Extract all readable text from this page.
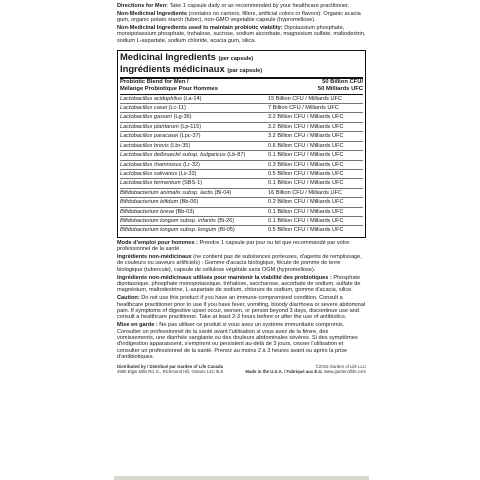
Directions for Men: Take 1 capsule daily or as recommended by your healthcare practitioner.

Non-Medicinal Ingredients (contains no carriers, fillers, artificial colors or flavors): Organic acacia gum, organic potato starch (tuber), non-GMO vegetable capsule (hypromellose).

Non-Medicinal Ingredients used to maintain probiotic viability: Dipotassium phosphate, monopotassium phosphate, trehalose, sucrose, sodium ascorbate, magnesium sulfate, maltodextrin, sodium L-aspartate, sodium chloride, acacia gum, silica.

Medicinal Ingredients (per capsule)
Ingrédients médicinaux (par capsule)
Probiotic Blend for Men /	50 Billion CFU/
Mélange Probiotique Pour Hommes	50 Milliards UFC
Lactobacillus acidophilus (La-14)	15 Billion CFU / Milliards UFC
Lactobacillus casei (Lc-11)	7 Billion CFU / Milliards UFC
Lactobacillus gasseri (Lg-36)	3.2 Billion CFU / Milliards UFC
Lactobacillus plantarum (Lp-115)	3.2 Billion CFU / Milliards UFC
Lactobacillus paracasei (Lpc-37)	3.2 Billion CFU / Milliards UFC
Lactobacillus brevis (Lbr-35)	0.6 Billion CFU / Milliards UFC
Lactobacillus delbrueckii subsp. bulgaricus (Lb-87)	0.1 Billion CFU / Milliards UFC
Lactobacillus rhamnosus (Lr-32)	0.3 Billion CFU / Milliards UFC
Lactobacillus salivarius (Ls-33)	0.5 Billion CFU / Milliards UFC
Lactobacillus fermentum (SBS-1)	0.1 Billion CFU / Milliards UFC
Bifidobacterium animalis subsp. lactis (Bl-04)	16 Billion CFU / Milliards UFC
Bifidobacterium bifidum (Bb-06)	0.2 Billion CFU / Milliards UFC
Bifidobacterium breve (Bb-03)	0.1 Billion CFU / Milliards UFC
Bifidobacterium longum subsp. infantis (Bi-26)	0.1 Billion CFU / Milliards UFC
Bifidobacterium longum subsp. longum (Bl-05)	0.5 Billion CFU / Milliards UFC

Mode d'emploi pour hommes : Prendre 1 capsule par jour ou tel que recommandé par votre professionnel de la santé.

Ingrédients non-médicinaux (ne contient pas de substances porteuses, d'agents de remplissage, de couleurs ou saveurs artificiels) : Gomme d'acacia biologique, fécule de pomme de terre biologique (tubercule), capsule de cellulose végétale sans OGM (hypromellose).

Ingrédients non-médicinaux utilisés pour maintenir la viabilité des probiotiques : Phosphate dipotassique, phosphate monopotassique, tréhalose, saccharose, ascorbate de sodium, sulfate de magnésium, maltodextrine, L-aspartate de sodium, chlorure de sodium, gomme d'acacia, silice.

Caution: Do not use this product if you have an immune-compromised condition. Consult a healthcare practitioner prior to use if you have fever, vomiting, bloody diarrhoea or severe abdominal pain. If symptoms of digestive upset occur, worsen, or persist beyond 3 days, discontinue use and consult a healthcare practitioner. Take at least 2-3 hours before or after the use of antibiotics.

Mise en garde : Ne pas utiliser ce produit si vous avez un système immunitaire compromis. Consulter un professionnel de la santé avant l'utilisation si vous avez de la fièvre, des vomissements, une diarrhée sanglante ou des douleurs abdominales sévères. Si des symptômes d'indigestion apparaissent, s'empirent ou persistent au-delà de 3 jours, cesser l'utilisation et consulter un professionnel de la santé. Prenez au moins 2 à 3 heures avant ou après la prise d'antibiotiques.

Distributed by / Distribué par Garden of Life Canada
4950 Elgin Mills Rd. E., Richmond Hill, Ontario L4C 0L8
©2015 Garden of Life LLC
Made in the U.S.A. / Fabriqué aux É.U. www.gardenoflife.com
